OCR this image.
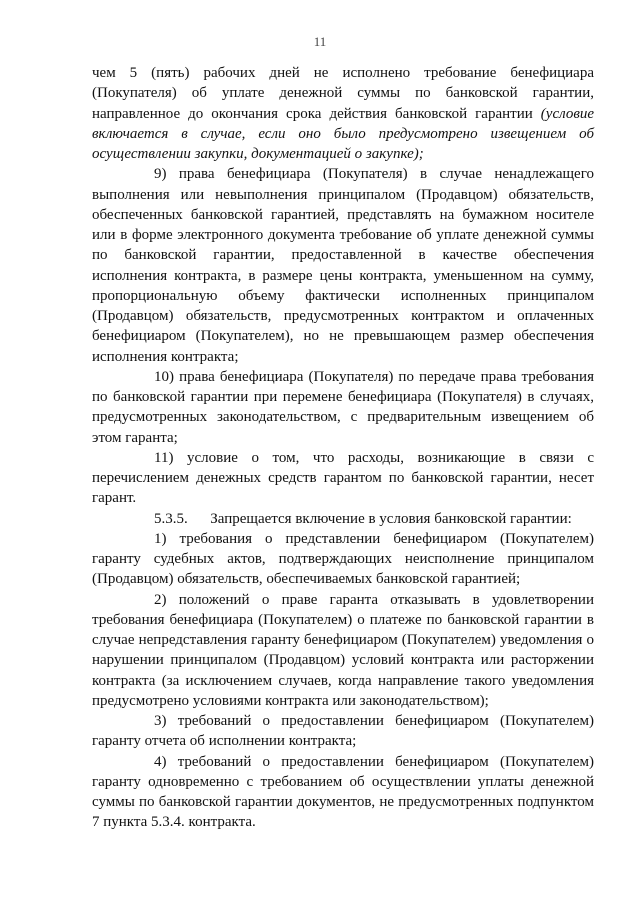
11

чем 5 (пять) рабочих дней не исполнено требование бенефициара (Покупателя) об уплате денежной суммы по банковской гарантии, направленное до окончания срока действия банковской гарантии (условие включается в случае, если оно было предусмотрено извещением об осуществлении закупки, документацией о закупке);

9) права бенефициара (Покупателя) в случае ненадлежащего выполнения или невыполнения принципалом (Продавцом) обязательств, обеспеченных банковской гарантией, представлять на бумажном носителе или в форме электронного документа требование об уплате денежной суммы по банковской гарантии, предоставленной в качестве обеспечения исполнения контракта, в размере цены контракта, уменьшенном на сумму, пропорциональную объему фактически исполненных принципалом (Продавцом) обязательств, предусмотренных контрактом и оплаченных бенефициаром (Покупателем), но не превышающем размер обеспечения исполнения контракта;

10) права бенефициара (Покупателя) по передаче права требования по банковской гарантии при перемене бенефициара (Покупателя) в случаях, предусмотренных законодательством, с предварительным извещением об этом гаранта;

11) условие о том, что расходы, возникающие в связи с перечислением денежных средств гарантом по банковской гарантии, несет гарант.

5.3.5.      Запрещается включение в условия банковской гарантии:

1) требования о представлении бенефициаром (Покупателем) гаранту судебных актов, подтверждающих неисполнение принципалом (Продавцом) обязательств, обеспечиваемых банковской гарантией;

2) положений о праве гаранта отказывать в удовлетворении требования бенефициара (Покупателем) о платеже по банковской гарантии в случае непредставления гаранту бенефициаром (Покупателем) уведомления о нарушении принципалом (Продавцом) условий контракта или расторжении контракта (за исключением случаев, когда направление такого уведомления предусмотрено условиями контракта или законодательством);

3) требований о предоставлении бенефициаром (Покупателем) гаранту отчета об исполнении контракта;

4) требований о предоставлении бенефициаром (Покупателем) гаранту одновременно с требованием об осуществлении уплаты денежной суммы по банковской гарантии документов, не предусмотренных подпунктом 7 пункта 5.3.4. контракта.
